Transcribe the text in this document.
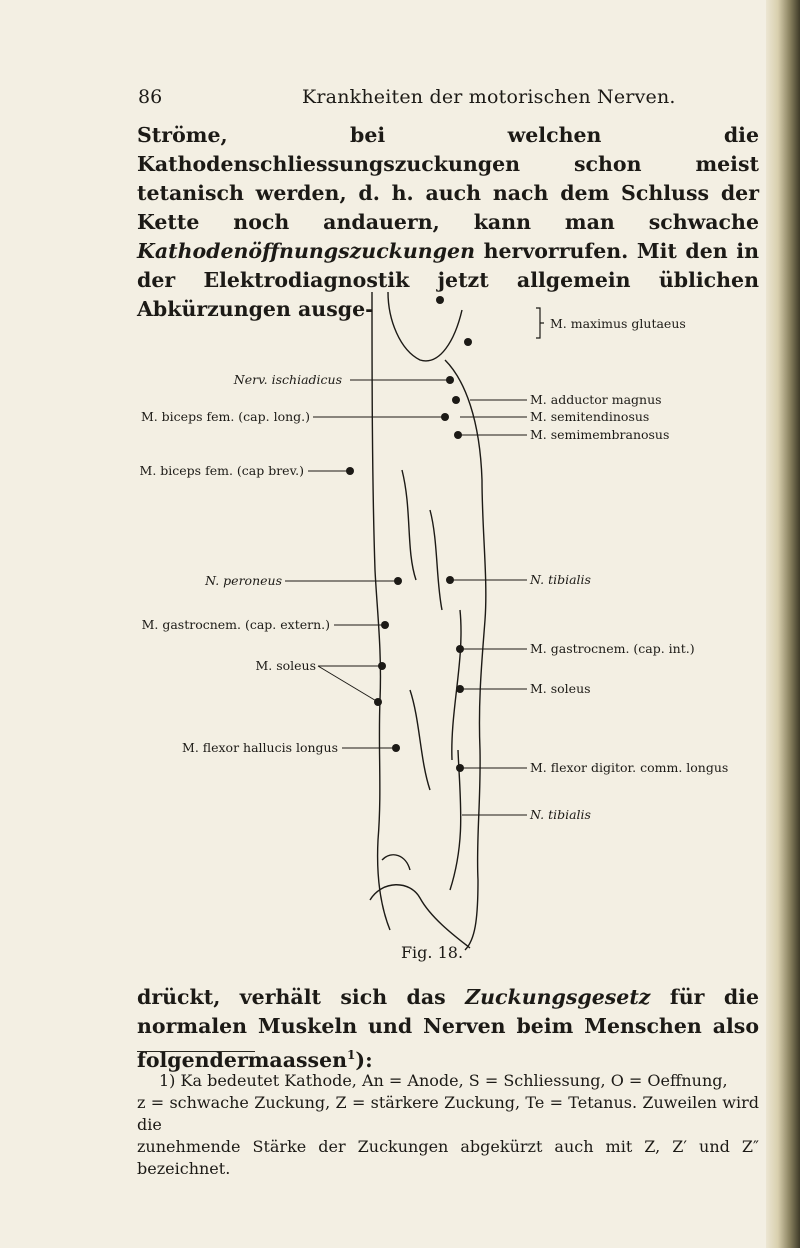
86	Krankheiten der motorischen Nerven.
Ströme, bei welchen die Kathodenschliessungszuckungen schon meist tetanisch werden, d. h. auch nach dem Schluss der Kette noch andauern, kann man schwache Kathodenöffnungszuckungen hervorrufen. Mit den in der Elektrodiagnostik jetzt allgemein üblichen Abkürzungen ausge-
Nerv. ischiadicus
M. biceps fem. (cap. long.)
M. biceps fem. (cap brev.)
N. peroneus
M. gastrocnem. (cap. extern.)
M. soleus
M. flexor hallucis longus
M. maximus glutaeus
M. adductor magnus
M. semitendinosus
M. semimembranosus
N. tibialis
M. gastrocnem. (cap. int.)
M. soleus
M. flexor digitor. comm. longus
N. tibialis
Fig. 18.
drückt, verhält sich das Zuckungsgesetz für die normalen Muskeln und Nerven beim Menschen also folgendermaassen$^1$):
1) Ka bedeutet Kathode, An = Anode, S = Schliessung, O = Oeffnung,
z = schwache Zuckung, Z = stärkere Zuckung, Te = Tetanus. Zuweilen wird die
zunehmende Stärke der Zuckungen abgekürzt auch mit Z, Z′ und Z″ bezeichnet.
